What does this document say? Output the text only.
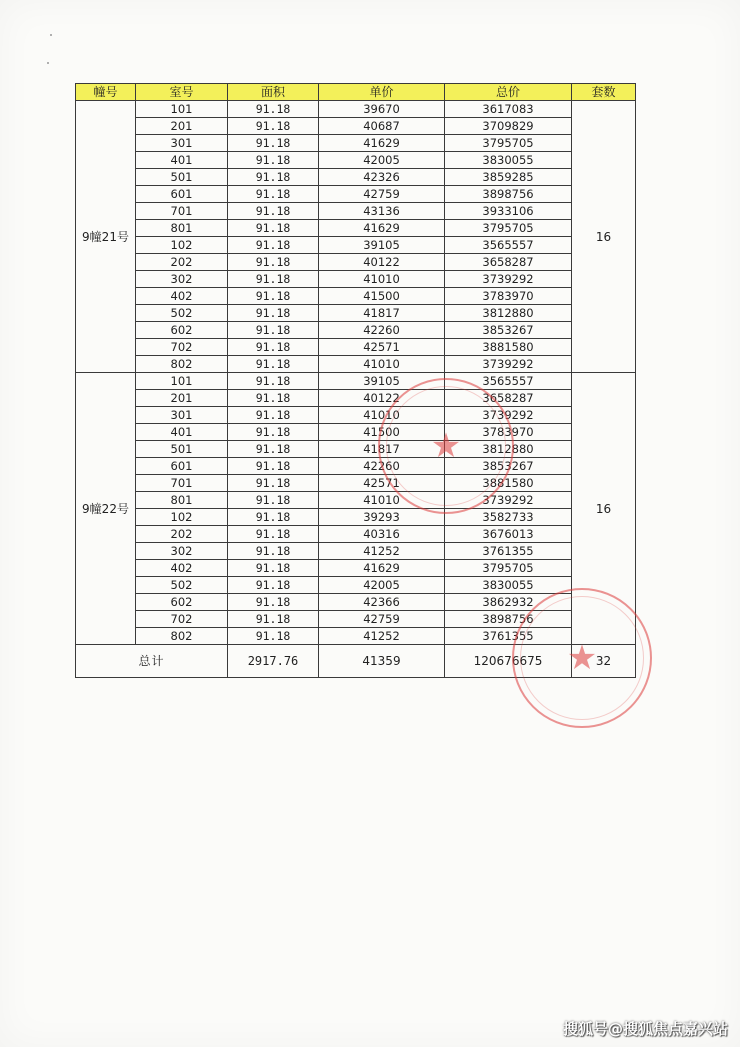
幢号	室号	面积	单价	总价	套数
9幢21号	101	91.18	39670	3617083	16
	201	91.18	40687	3709829	
	301	91.18	41629	3795705	
	401	91.18	42005	3830055	
	501	91.18	42326	3859285	
	601	91.18	42759	3898756	
	701	91.18	43136	3933106	
	801	91.18	41629	3795705	
	102	91.18	39105	3565557	
	202	91.18	40122	3658287	
	302	91.18	41010	3739292	
	402	91.18	41500	3783970	
	502	91.18	41817	3812880	
	602	91.18	42260	3853267	
	702	91.18	42571	3881580	
	802	91.18	41010	3739292	
9幢22号	101	91.18	39105	3565557	16
	201	91.18	40122	3658287	
	301	91.18	41010	3739292	
	401	91.18	41500	3783970	
	501	91.18	41817	3812880	
	601	91.18	42260	3853267	
	701	91.18	42571	3881580	
	801	91.18	41010	3739292	
	102	91.18	39293	3582733	
	202	91.18	40316	3676013	
	302	91.18	41252	3761355	
	402	91.18	41629	3795705	
	502	91.18	42005	3830055	
	602	91.18	42366	3862932	
	702	91.18	42759	3898756	
	802	91.18	41252	3761355	
总计		2917.76	41359	120676675	32
★
★
搜狐号@搜狐焦点嘉兴站
